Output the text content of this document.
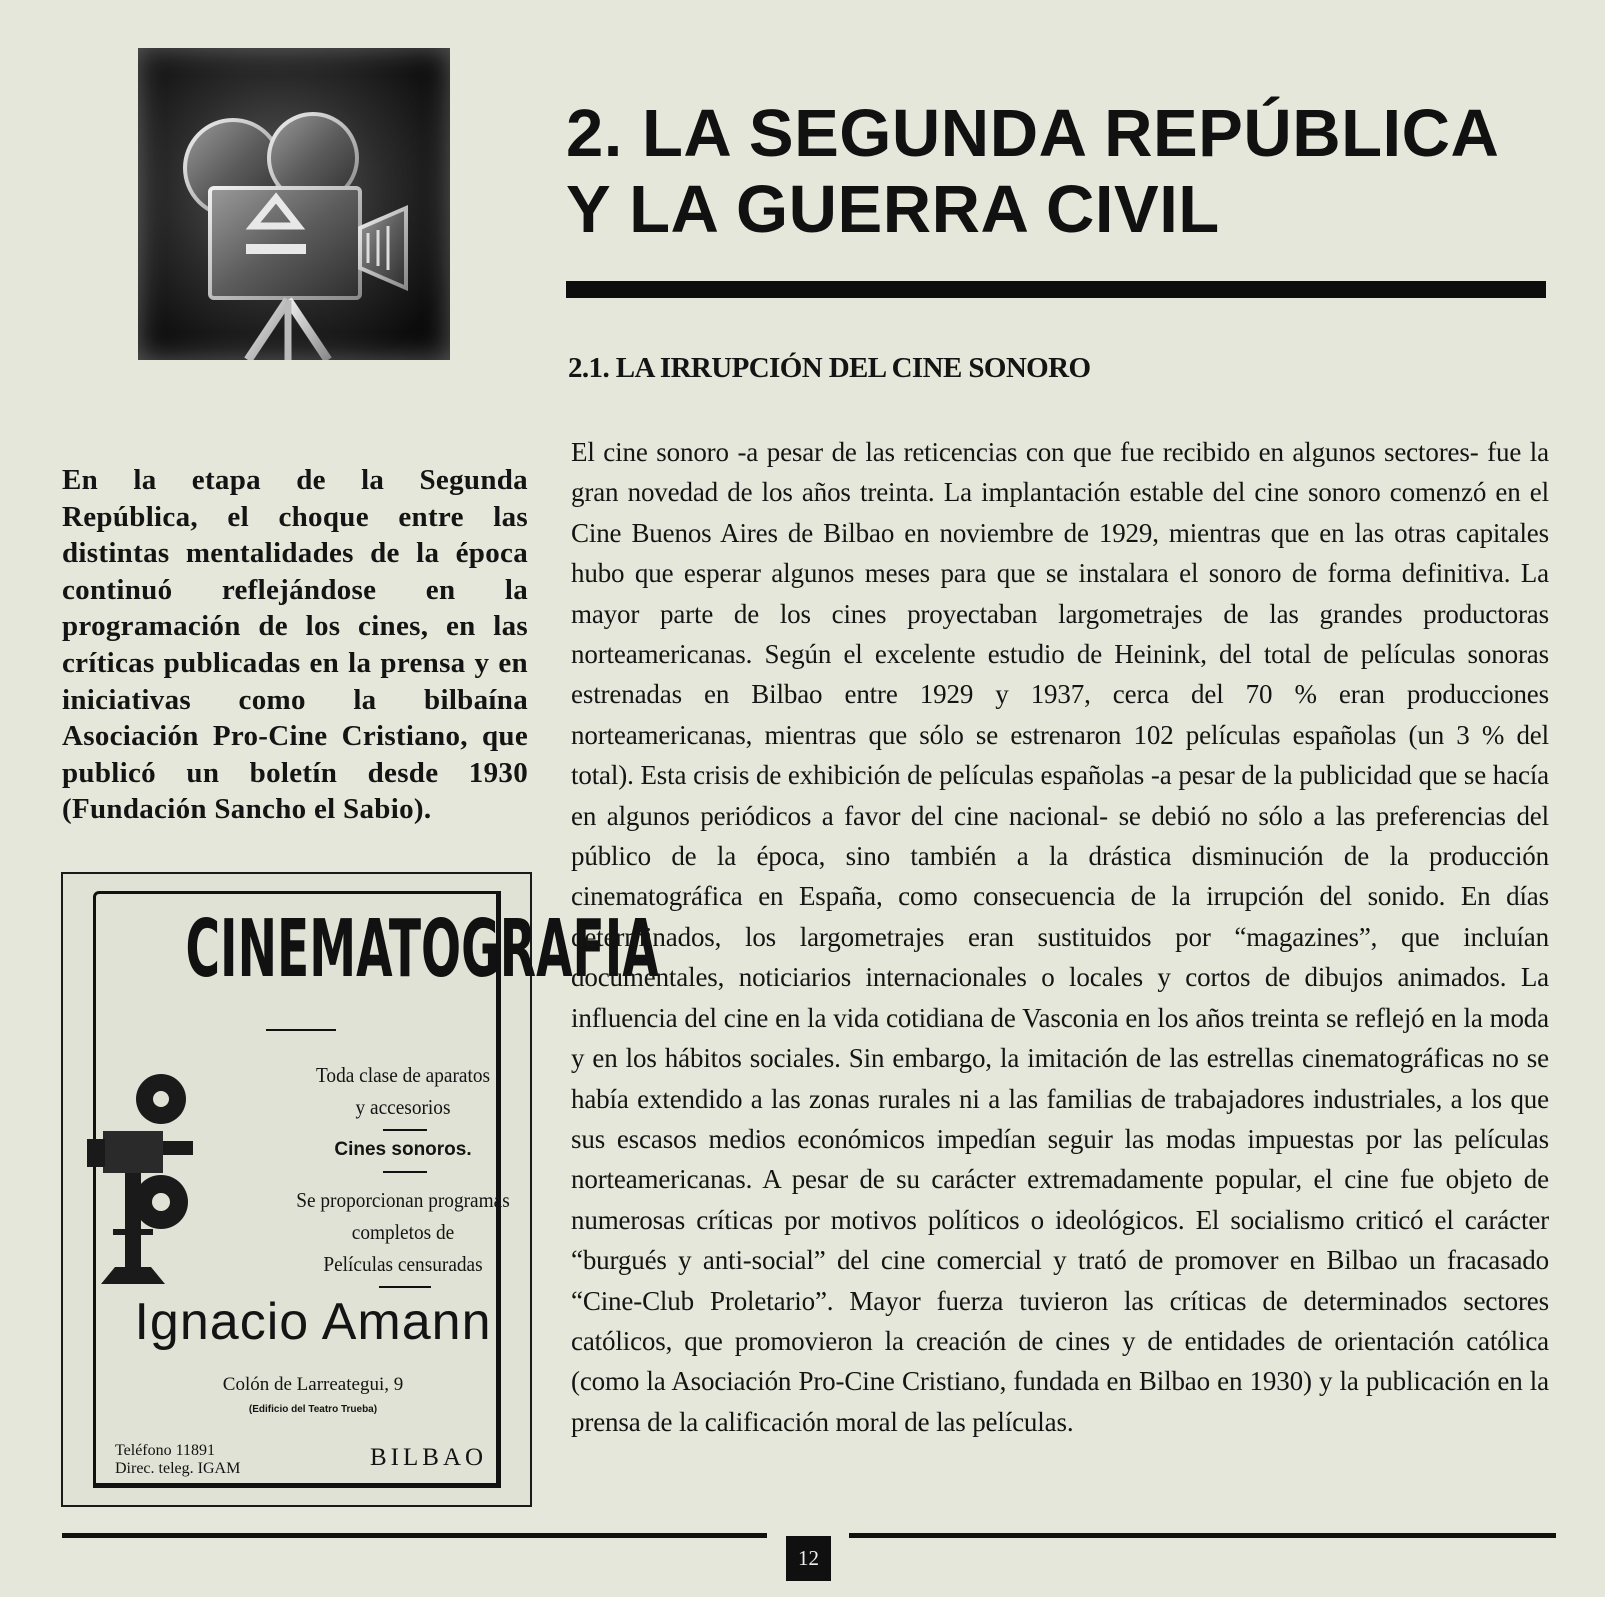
En la etapa de la Segunda República, el choque entre las distintas mentalidades de la época continuó reflejándose en la programación de los cines, en las críticas publicadas en la prensa y en iniciativas como la bilbaína Asociación Pro-Cine Cristiano, que publicó un boletín desde 1930 (Fundación Sancho el Sabio).
CINEMATOGRAFIA
Toda clase de aparatos
y accesorios
Cines sonoros.
Se proporcionan programas
completos de
Películas censuradas
Ignacio Amann
Colón de Larreategui, 9
(Edificio del Teatro Trueba)
Teléfono 11891
Direc. teleg. IGAM	BILBAO
2. LA SEGUNDA REPÚBLICA
Y LA GUERRA CIVIL
2.1. LA IRRUPCIÓN DEL CINE SONORO
El cine sonoro -a pesar de las reticencias con que fue recibido en algunos sectores- fue la gran novedad de los años treinta. La implantación estable del cine sonoro comenzó en el Cine Buenos Aires de Bilbao en noviembre de 1929, mientras que en las otras capitales hubo que esperar algunos meses para que se instalara el sonoro de forma definitiva. La mayor parte de los cines proyectaban largometrajes de las grandes productoras norteamericanas. Según el excelente estudio de Heinink, del total de películas sonoras estrenadas en Bilbao entre 1929 y 1937, cerca del 70 % eran producciones norteamericanas, mientras que sólo se estrenaron 102 películas españolas (un 3 % del total). Esta crisis de exhibición de películas españolas -a pesar de la publicidad que se hacía en algunos periódicos a favor del cine nacional- se debió no sólo a las preferencias del público de la época, sino también a la drástica disminución de la producción cinematográfica en España, como consecuencia de la irrupción del sonido. En días determinados, los largometrajes eran sustituidos por “magazines”, que incluían documentales, noticiarios internacionales o locales y cortos de dibujos animados. La influencia del cine en la vida cotidiana de Vasconia en los años treinta se reflejó en la moda y en los hábitos sociales. Sin embargo, la imitación de las estrellas cinematográficas no se había extendido a las zonas rurales ni a las familias de trabajadores industriales, a los que sus escasos medios económicos impedían seguir las modas impuestas por las películas norteamericanas. A pesar de su carácter extremadamente popular, el cine fue objeto de numerosas críticas por motivos políticos o ideológicos. El socialismo criticó el carácter “burgués y anti-social” del cine comercial y trató de promover en Bilbao un fracasado “Cine-Club Proletario”. Mayor fuerza tuvieron las críticas de determinados sectores católicos, que promovieron la creación de cines y de entidades de orientación católica (como la Asociación Pro-Cine Cristiano, fundada en Bilbao en 1930) y la publicación en la prensa de la calificación moral de las películas.
12
